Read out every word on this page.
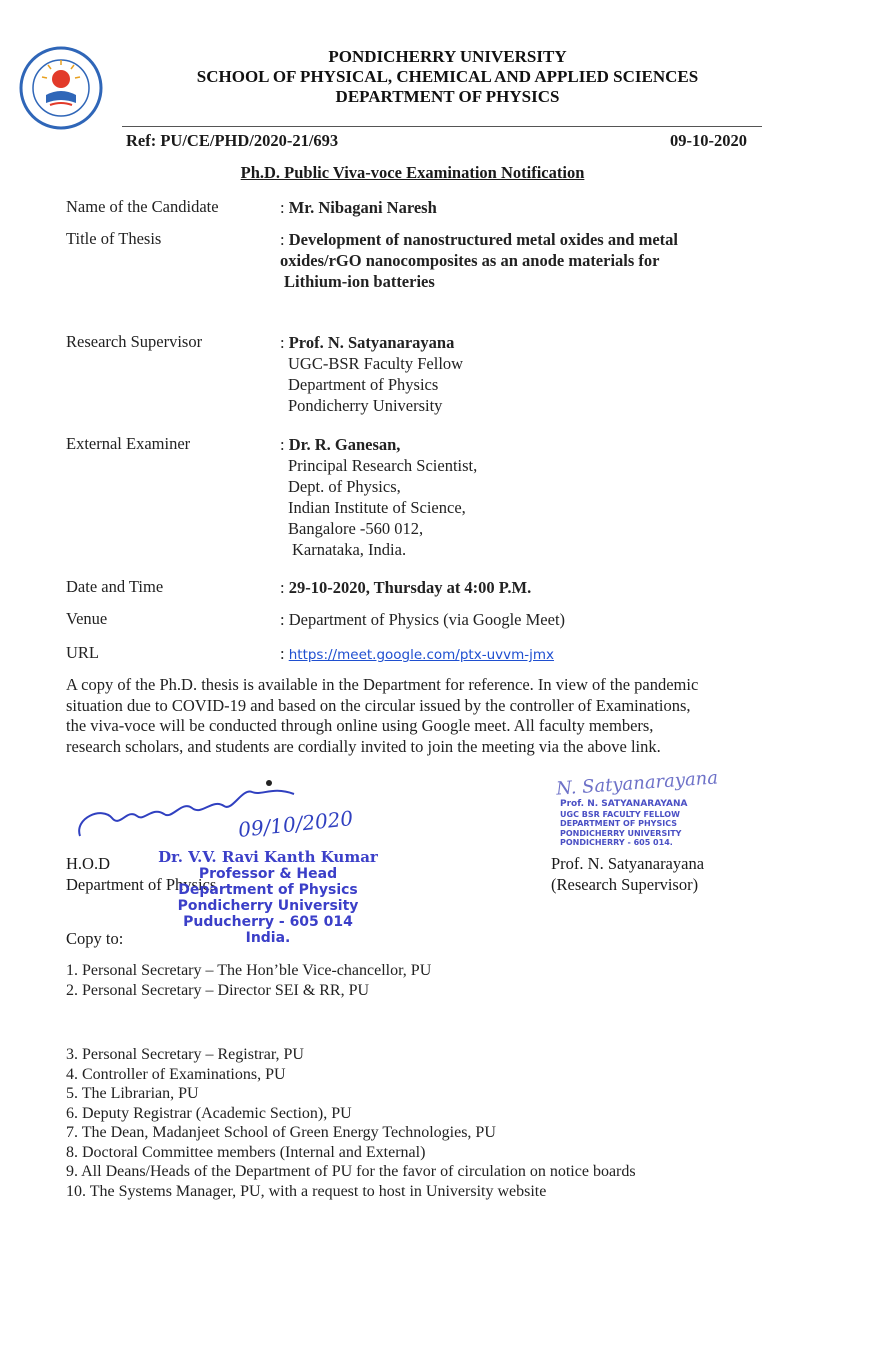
PONDICHERRY UNIVERSITY
SCHOOL OF PHYSICAL, CHEMICAL AND APPLIED SCIENCES
DEPARTMENT OF PHYSICS
Ref: PU/CE/PHD/2020-21/693	09-10-2020
Ph.D. Public Viva-voce Examination Notification
Name of the Candidate	: Mr. Nibagani Naresh
Title of Thesis	: Development of nanostructured metal oxides and metal
oxides/rGO nanocomposites as an anode materials for
Lithium-ion batteries
Research Supervisor	: Prof. N. Satyanarayana
UGC-BSR Faculty Fellow
Department of Physics
Pondicherry University
External Examiner	: Dr. R. Ganesan,
Principal Research Scientist,
Dept. of Physics,
Indian Institute of Science,
Bangalore -560 012,
Karnataka, India.
Date and Time	: 29-10-2020, Thursday at 4:00 P.M.
Venue	: Department of Physics (via Google Meet)
URL	: https://meet.google.com/ptx-uvvm-jmx
A copy of the Ph.D. thesis is available in the Department for reference. In view of the pandemic
situation due to COVID-19 and based on the circular issued by the controller of Examinations,
the viva-voce will be conducted through online using Google meet. All faculty members,
research scholars, and students are cordially invited to join the meeting via the above link.
09/10/2020
H.O.D
Department of Physics
Dr. V.V. Ravi Kanth Kumar
Professor & Head
Department of Physics
Pondicherry University
Puducherry - 605 014
India.
N. Satyanarayana
Prof. N. SATYANARAYANA
UGC BSR FACULTY FELLOW
DEPARTMENT OF PHYSICS
PONDICHERRY UNIVERSITY
PONDICHERRY - 605 014.
Prof. N. Satyanarayana
(Research Supervisor)
Copy to:
1. Personal Secretary – The Hon’ble Vice-chancellor, PU
2. Personal Secretary – Director SEI & RR, PU
3. Personal Secretary – Registrar, PU
4. Controller of Examinations, PU
5. The Librarian, PU
6. Deputy Registrar (Academic Section), PU
7. The Dean, Madanjeet School of Green Energy Technologies, PU
8. Doctoral Committee members (Internal and External)
9. All Deans/Heads of the Department of PU for the favor of circulation on notice boards
10. The Systems Manager, PU, with a request to host in University website
